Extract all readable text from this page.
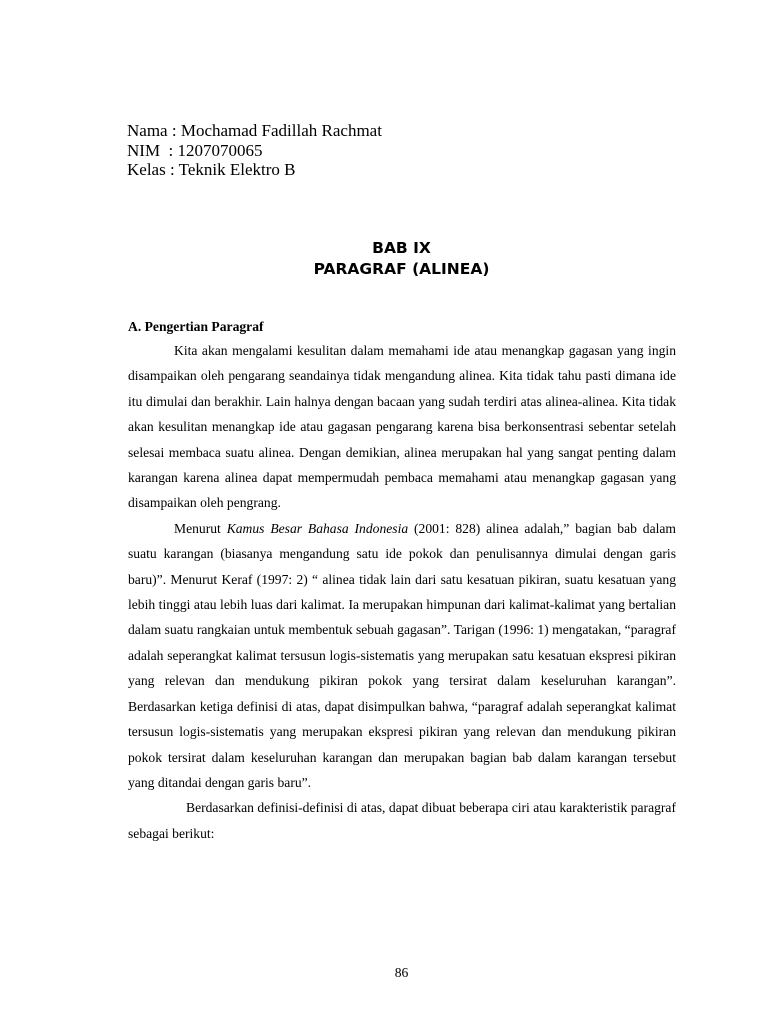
Nama : Mochamad Fadillah Rachmat
NIM  : 1207070065
Kelas : Teknik Elektro B
BAB IX
PARAGRAF (ALINEA)

A. Pengertian Paragraf

Kita akan mengalami kesulitan dalam memahami ide atau menangkap gagasan yang ingin disampaikan oleh pengarang seandainya tidak mengandung alinea. Kita tidak tahu pasti dimana ide itu dimulai dan berakhir. Lain halnya dengan bacaan yang sudah terdiri atas alinea-alinea. Kita tidak akan kesulitan menangkap ide atau gagasan pengarang karena bisa berkonsentrasi sebentar setelah selesai membaca suatu alinea. Dengan demikian, alinea merupakan hal yang sangat penting dalam karangan karena alinea dapat mempermudah pembaca memahami atau menangkap gagasan yang disampaikan oleh pengrang.

Menurut Kamus Besar Bahasa Indonesia (2001: 828) alinea adalah,” bagian bab dalam suatu karangan (biasanya mengandung satu ide pokok dan penulisannya dimulai dengan garis baru)”. Menurut Keraf (1997: 2) “ alinea tidak lain dari satu kesatuan pikiran, suatu kesatuan yang lebih tinggi atau lebih luas dari kalimat. Ia merupakan himpunan dari kalimat-kalimat yang bertalian dalam suatu rangkaian untuk membentuk sebuah gagasan”. Tarigan (1996: 1) mengatakan, “paragraf adalah seperangkat kalimat tersusun logis-sistematis yang merupakan satu kesatuan ekspresi pikiran yang relevan dan mendukung pikiran pokok yang tersirat dalam keseluruhan karangan”. Berdasarkan ketiga definisi di atas, dapat disimpulkan bahwa, “paragraf adalah seperangkat kalimat tersusun logis-sistematis yang merupakan ekspresi pikiran yang relevan dan mendukung pikiran pokok tersirat dalam keseluruhan karangan dan merupakan bagian bab dalam karangan tersebut yang ditandai dengan garis baru”.

Berdasarkan definisi-definisi di atas, dapat dibuat beberapa ciri atau karakteristik paragraf sebagai berikut:

86
